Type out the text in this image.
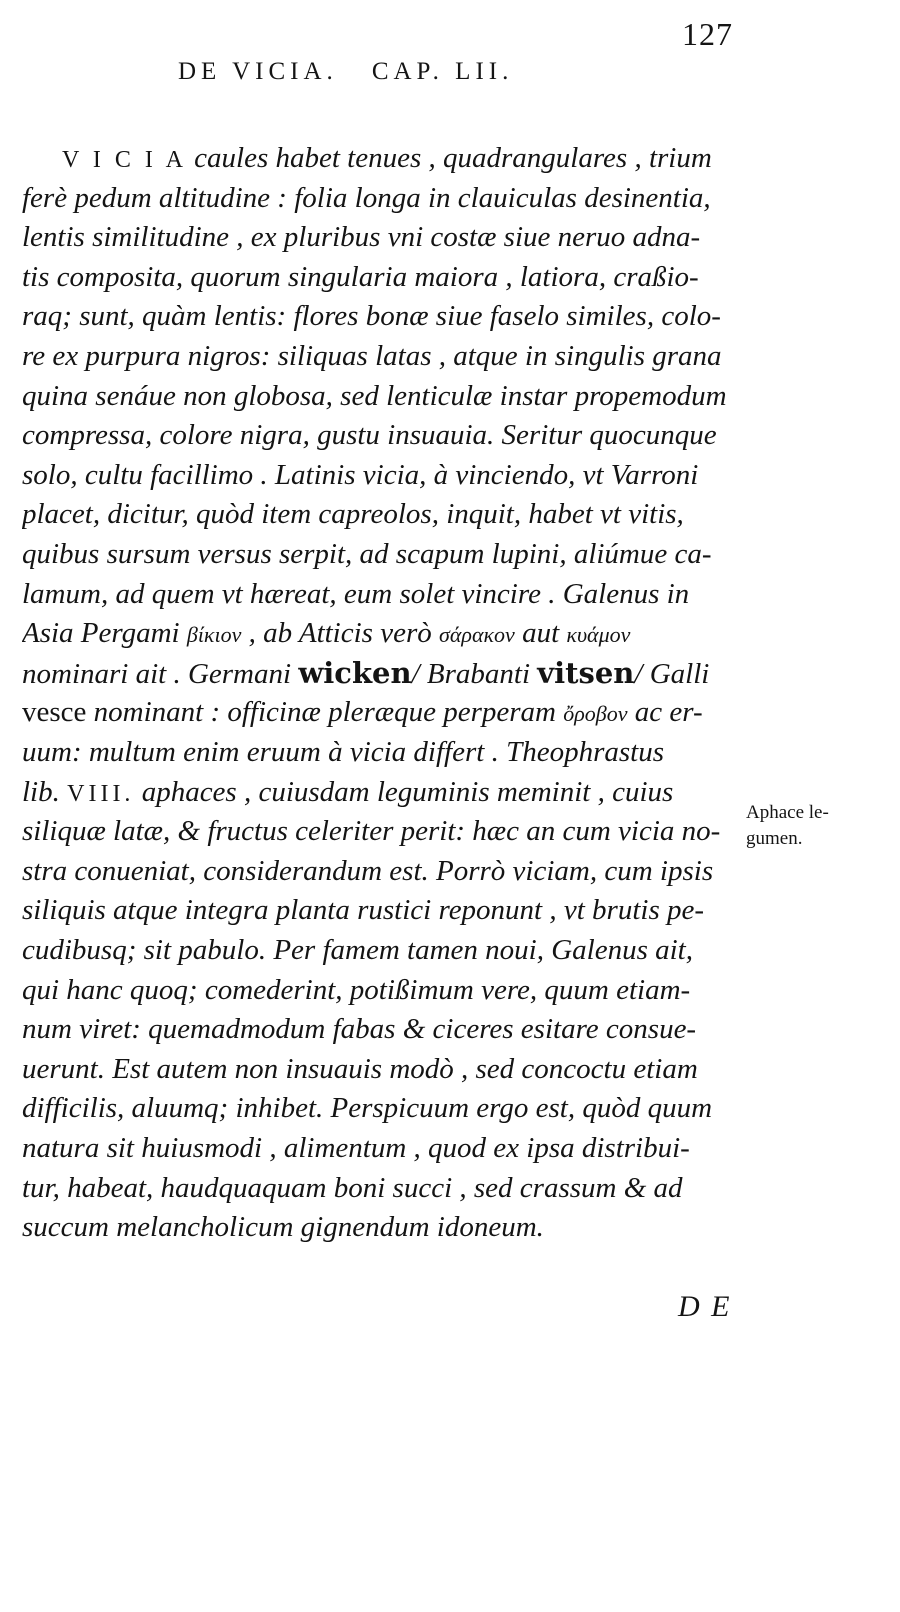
127
DE VICIA. CAP. LII.
V I C I A caules habet tenues , quadrangulares , trium
ferè pedum altitudine : folia longa in clauiculas desinentia,
lentis similitudine , ex pluribus vni costæ siue neruo adna-
tis composita, quorum singularia maiora , latiora, craßio-
raq; sunt, quàm lentis: flores bonæ siue faselo similes, colo-
re ex purpura nigros: siliquas latas , atque in singulis grana
quina senáue non globosa, sed lenticulæ instar propemodum
compressa, colore nigra, gustu insuauia. Seritur quocunque
solo, cultu facillimo . Latinis vicia, à vinciendo, vt Varroni
placet, dicitur, quòd item capreolos, inquit, habet vt vitis,
quibus sursum versus serpit, ad scapum lupini, aliúmue ca-
lamum, ad quem vt hæreat, eum solet vincire . Galenus in
Asia Pergami βίκιον , ab Atticis verò σάρακον aut κυάμον
nominari ait . Germani wicken/ Brabanti vitsen/ Galli
vesce nominant : officinæ pleræque perperam ὄροβον ac er-
uum: multum enim eruum à vicia differt . Theophrastus
lib. VIII. aphaces , cuiusdam leguminis meminit , cuius
siliquæ latæ, & fructus celeriter perit: hæc an cum vicia no-
stra conueniat, considerandum est. Porrò viciam, cum ipsis
siliquis atque integra planta rustici reponunt , vt brutis pe-
cudibusq; sit pabulo. Per famem tamen noui, Galenus ait,
qui hanc quoq; comederint, potißimum vere, quum etiam-
num viret: quemadmodum fabas & ciceres esitare consue-
uerunt. Est autem non insuauis modò , sed concoctu etiam
difficilis, aluumq; inhibet. Perspicuum ergo est, quòd quum
natura sit huiusmodi , alimentum , quod ex ipsa distribui-
tur, habeat, haudquaquam boni succi , sed crassum & ad
succum melancholicum gignendum idoneum.
Aphace le-
gumen.
D E
